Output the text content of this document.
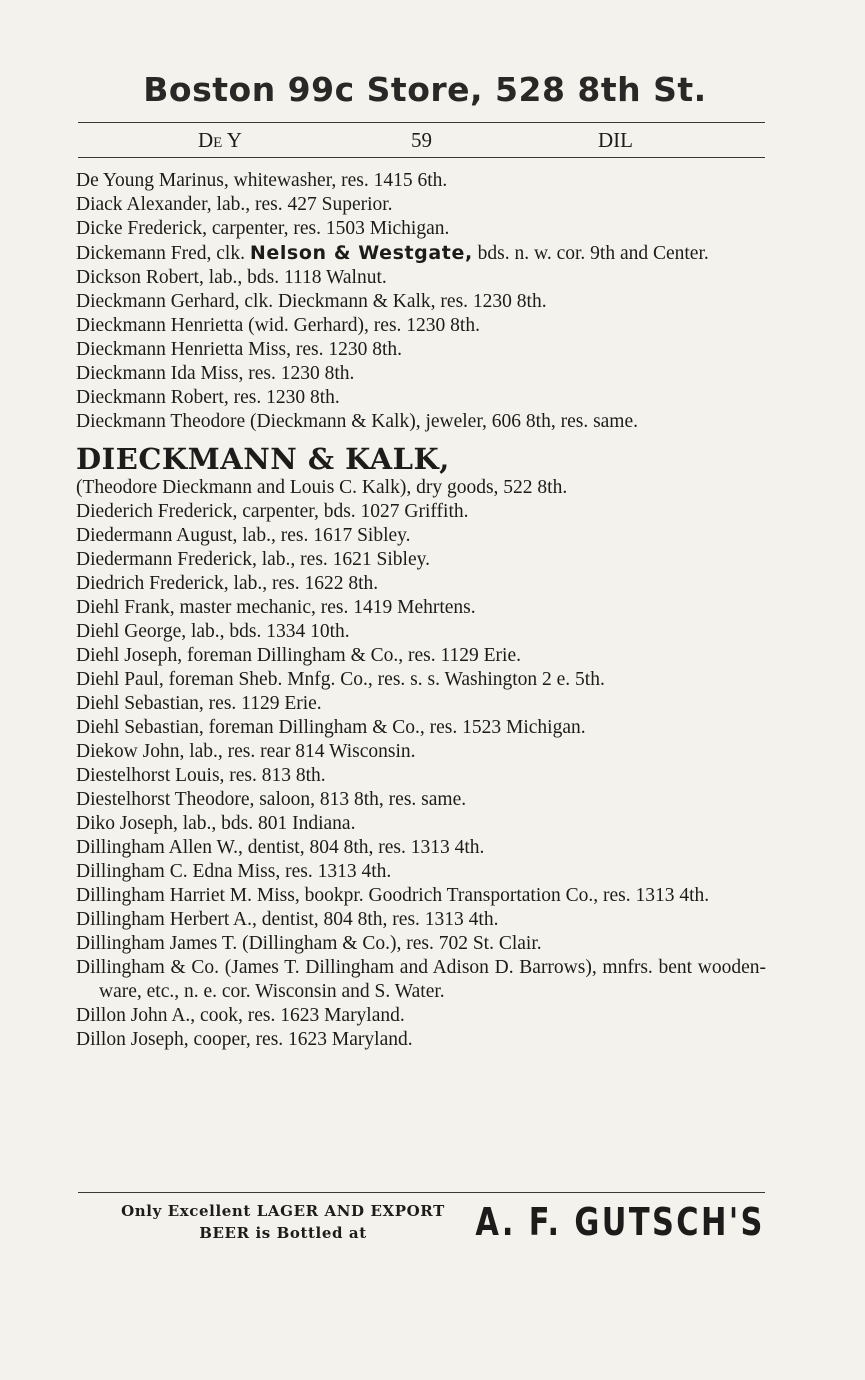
Boston 99c Store, 528 8th St.
De Y	59	DIL
De Young Marinus, whitewasher, res. 1415 6th.
Diack Alexander, lab., res. 427 Superior.
Dicke Frederick, carpenter, res. 1503 Michigan.
Dickemann Fred, clk. Nelson & Westgate, bds. n. w. cor. 9th and Center.
Dickson Robert, lab., bds. 1118 Walnut.
Dieckmann Gerhard, clk. Dieckmann & Kalk, res. 1230 8th.
Dieckmann Henrietta (wid. Gerhard), res. 1230 8th.
Dieckmann Henrietta Miss, res. 1230 8th.
Dieckmann Ida Miss, res. 1230 8th.
Dieckmann Robert, res. 1230 8th.
Dieckmann Theodore (Dieckmann & Kalk), jeweler, 606 8th, res. same.
DIECKMANN & KALK,
(Theodore Dieckmann and Louis C. Kalk), dry goods, 522 8th.
Diederich Frederick, carpenter, bds. 1027 Griffith.
Diedermann August, lab., res. 1617 Sibley.
Diedermann Frederick, lab., res. 1621 Sibley.
Diedrich Frederick, lab., res. 1622 8th.
Diehl Frank, master mechanic, res. 1419 Mehrtens.
Diehl George, lab., bds. 1334 10th.
Diehl Joseph, foreman Dillingham & Co., res. 1129 Erie.
Diehl Paul, foreman Sheb. Mnfg. Co., res. s. s. Washington 2 e. 5th.
Diehl Sebastian, res. 1129 Erie.
Diehl Sebastian, foreman Dillingham & Co., res. 1523 Michigan.
Diekow John, lab., res. rear 814 Wisconsin.
Diestelhorst Louis, res. 813 8th.
Diestelhorst Theodore, saloon, 813 8th, res. same.
Diko Joseph, lab., bds. 801 Indiana.
Dillingham Allen W., dentist, 804 8th, res. 1313 4th.
Dillingham C. Edna Miss, res. 1313 4th.
Dillingham Harriet M. Miss, bookpr. Goodrich Transportation Co., res. 1313 4th.
Dillingham Herbert A., dentist, 804 8th, res. 1313 4th.
Dillingham James T. (Dillingham & Co.), res. 702 St. Clair.
Dillingham & Co. (James T. Dillingham and Adison D. Barrows), mnfrs. bent wooden-ware, etc., n. e. cor. Wisconsin and S. Water.
Dillon John A., cook, res. 1623 Maryland.
Dillon Joseph, cooper, res. 1623 Maryland.
Only Excellent LAGER AND EXPORT
BEER is Bottled at	A. F. GUTSCH'S
